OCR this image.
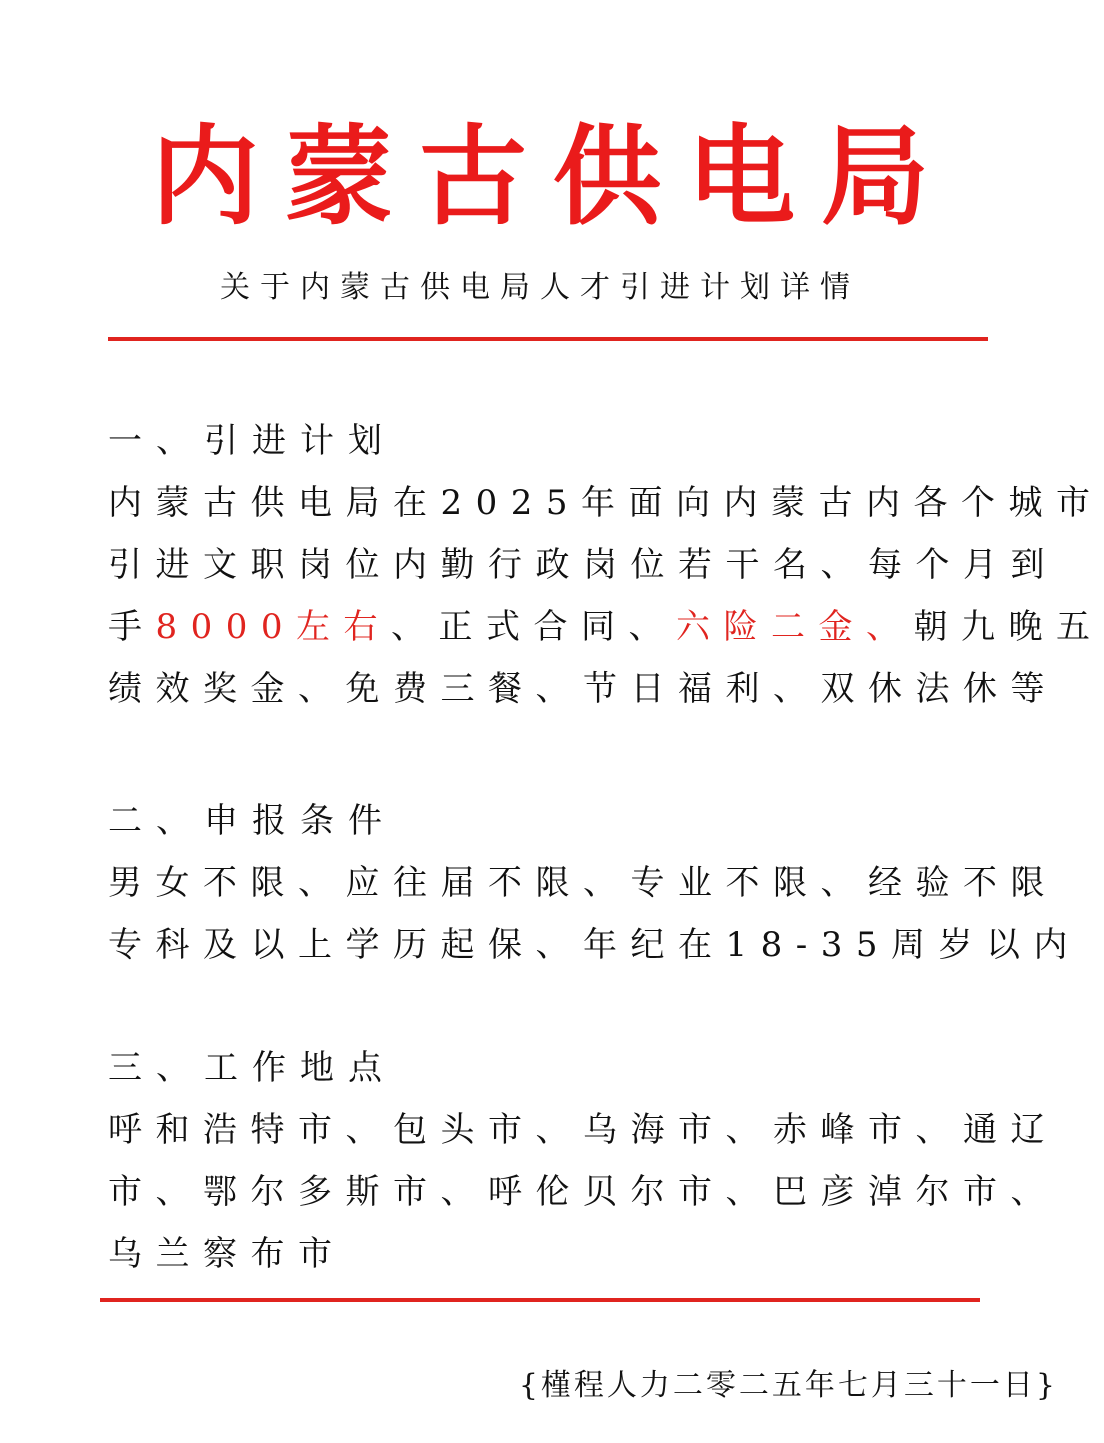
内蒙古供电局
关于内蒙古供电局人才引进计划详情
一、引进计划
内蒙古供电局在2025年面向内蒙古内各个城市
引进文职岗位内勤行政岗位若干名、每个月到
手8000左右、正式合同、六险二金、朝九晚五
绩效奖金、免费三餐、节日福利、双休法休等
二、申报条件
男女不限、应往届不限、专业不限、经验不限
专科及以上学历起保、年纪在18-35周岁以内
三、工作地点
呼和浩特市、包头市、乌海市、赤峰市、通辽
市、鄂尔多斯市、呼伦贝尔市、巴彦淖尔市、
乌兰察布市
{槿程人力二零二五年七月三十一日}
